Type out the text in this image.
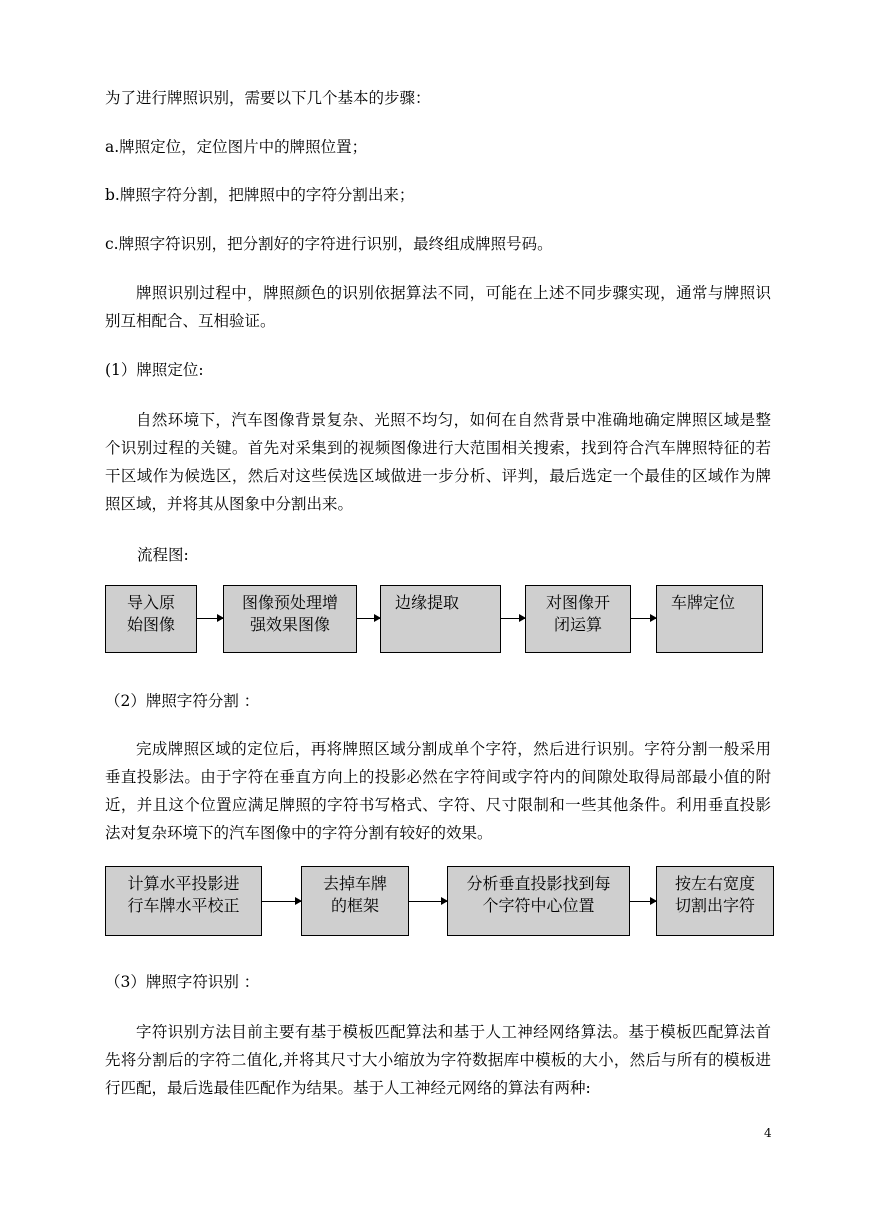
为了进行牌照识别，需要以下几个基本的步骤：
a.牌照定位，定位图片中的牌照位置；
b.牌照字符分割，把牌照中的字符分割出来；
c.牌照字符识别，把分割好的字符进行识别，最终组成牌照号码。
牌照识别过程中，牌照颜色的识别依据算法不同，可能在上述不同步骤实现，通常与牌照识别互相配合、互相验证。
(1）牌照定位:
自然环境下，汽车图像背景复杂、光照不均匀，如何在自然背景中准确地确定牌照区域是整个识别过程的关键。首先对采集到的视频图像进行大范围相关搜索，找到符合汽车牌照特征的若干区域作为候选区，然后对这些侯选区域做进一步分析、评判，最后选定一个最佳的区域作为牌照区域，并将其从图象中分割出来。
流程图:
导入原
始图像
图像预处理增
强效果图像
边缘提取	对图像开
闭运算
车牌定位
（2）牌照字符分割 ：
完成牌照区域的定位后，再将牌照区域分割成单个字符，然后进行识别。字符分割一般采用垂直投影法。由于字符在垂直方向上的投影必然在字符间或字符内的间隙处取得局部最小值的附近，并且这个位置应满足牌照的字符书写格式、字符、尺寸限制和一些其他条件。利用垂直投影法对复杂环境下的汽车图像中的字符分割有较好的效果。
计算水平投影进
行车牌水平校正
去掉车牌
的框架
分析垂直投影找到每
个字符中心位置
按左右宽度
切割出字符
（3）牌照字符识别 ：
字符识别方法目前主要有基于模板匹配算法和基于人工神经网络算法。基于模板匹配算法首先将分割后的字符二值化,并将其尺寸大小缩放为字符数据库中模板的大小，然后与所有的模板进行匹配，最后选最佳匹配作为结果。基于人工神经元网络的算法有两种:
4
